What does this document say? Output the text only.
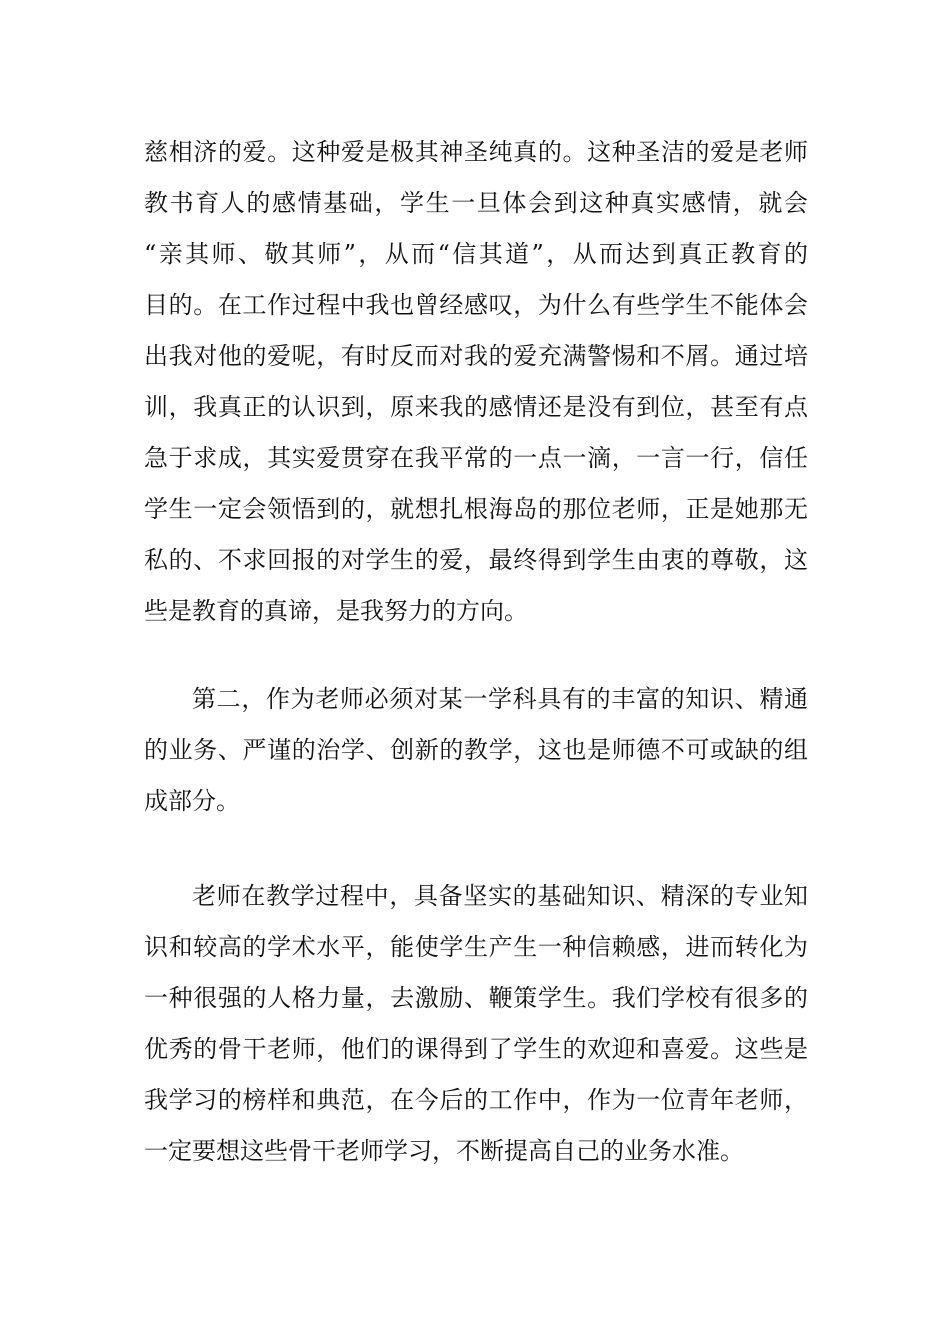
慈相济的爱。这种爱是极其神圣纯真的。这种圣洁的爱是老师
教书育人的感情基础，学生一旦体会到这种真实感情，就会
“亲其师、敬其师”，从而“信其道”，从而达到真正教育的
目的。在工作过程中我也曾经感叹，为什么有些学生不能体会
出我对他的爱呢，有时反而对我的爱充满警惕和不屑。通过培
训，我真正的认识到，原来我的感情还是没有到位，甚至有点
急于求成，其实爱贯穿在我平常的一点一滴，一言一行，信任
学生一定会领悟到的，就想扎根海岛的那位老师，正是她那无
私的、不求回报的对学生的爱，最终得到学生由衷的尊敬，这
些是教育的真谛，是我努力的方向。
第二，作为老师必须对某一学科具有的丰富的知识、精通
的业务、严谨的治学、创新的教学，这也是师德不可或缺的组
成部分。
老师在教学过程中，具备坚实的基础知识、精深的专业知
识和较高的学术水平，能使学生产生一种信赖感，进而转化为
一种很强的人格力量，去激励、鞭策学生。我们学校有很多的
优秀的骨干老师，他们的课得到了学生的欢迎和喜爱。这些是
我学习的榜样和典范，在今后的工作中，作为一位青年老师，
一定要想这些骨干老师学习，不断提高自己的业务水准。
